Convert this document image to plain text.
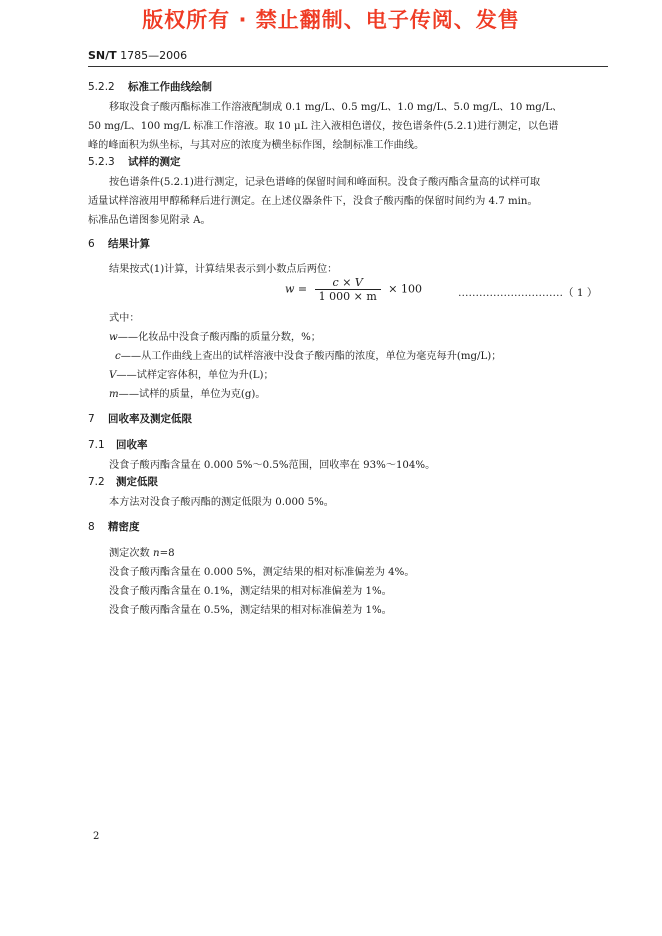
版权所有 · 禁止翻制、电子传阅、发售
SN/T 1785—2006
5.2.2 标准工作曲线绘制
移取没食子酸丙酯标准工作溶液配制成 0.1 mg/L、0.5 mg/L、1.0 mg/L、5.0 mg/L、10 mg/L、
50 mg/L、100 mg/L 标准工作溶液。取 10 μL 注入液相色谱仪，按色谱条件(5.2.1)进行测定，以色谱
峰的峰面积为纵坐标，与其对应的浓度为横坐标作图，绘制标准工作曲线。
5.2.3 试样的测定
按色谱条件(5.2.1)进行测定，记录色谱峰的保留时间和峰面积。没食子酸丙酯含量高的试样可取
适量试样溶液用甲醇稀释后进行测定。在上述仪器条件下，没食子酸丙酯的保留时间约为 4.7 min。
标准品色谱图参见附录 A。
6 结果计算
结果按式(1)计算，计算结果表示到小数点后两位：
$w = \frac{c \times V}{1 000 \times m} \times 100$	…………………………（ 1 ）
式中：
w——化妆品中没食子酸丙酯的质量分数，%；
c——从工作曲线上查出的试样溶液中没食子酸丙酯的浓度，单位为毫克每升(mg/L)；
V——试样定容体积，单位为升(L)；
m——试样的质量，单位为克(g)。
7 回收率及测定低限
7.1 回收率
没食子酸丙酯含量在 0.000 5%～0.5%范围，回收率在 93%～104%。
7.2 测定低限
本方法对没食子酸丙酯的测定低限为 0.000 5%。
8 精密度
测定次数 n=8
没食子酸丙酯含量在 0.000 5%，测定结果的相对标准偏差为 4%。
没食子酸丙酯含量在 0.1%，测定结果的相对标准偏差为 1%。
没食子酸丙酯含量在 0.5%，测定结果的相对标准偏差为 1%。
2
